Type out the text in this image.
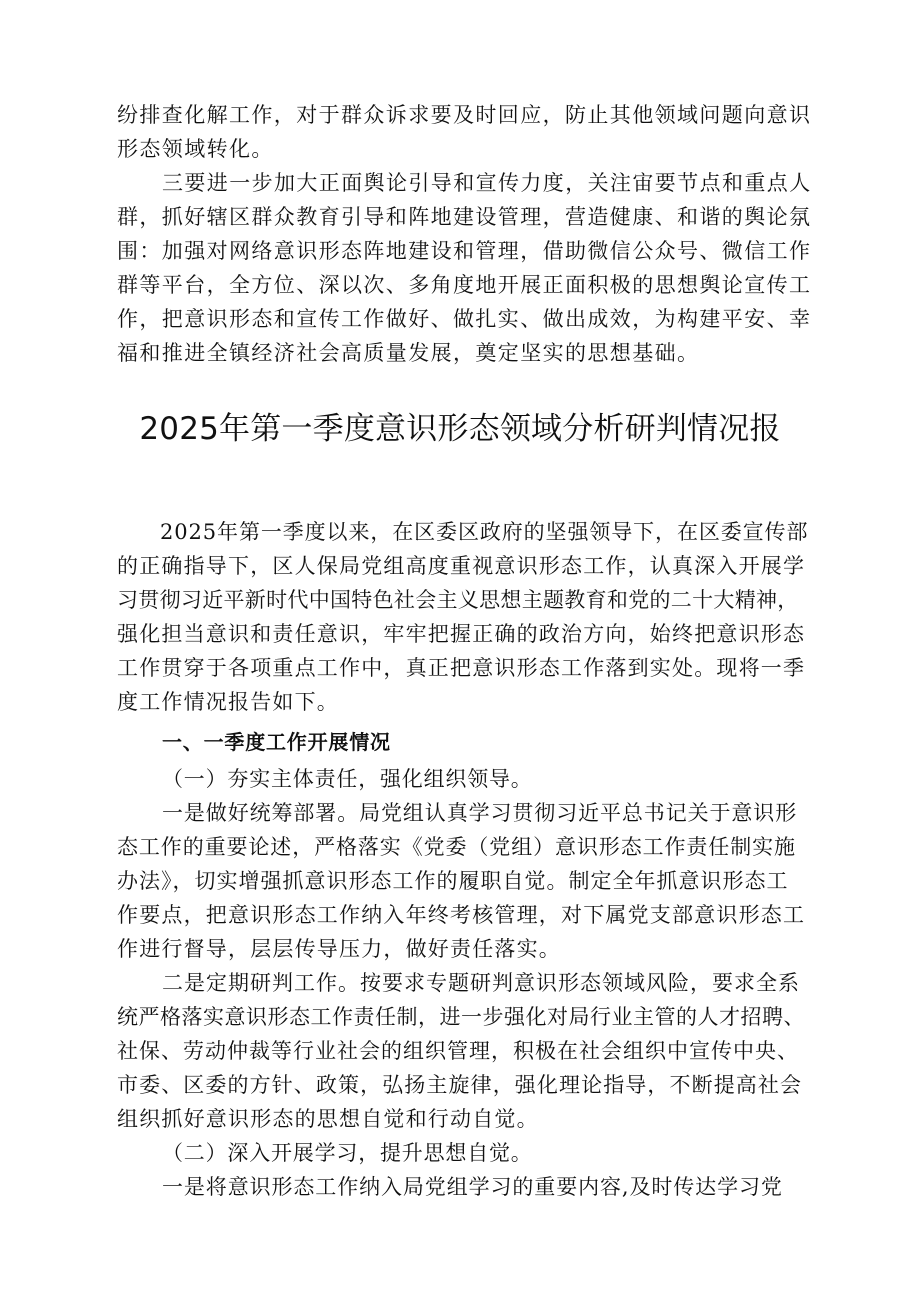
纷排查化解工作，对于群众诉求要及时回应，防止其他领域问题向意识
形态领域转化。
三要进一步加大正面舆论引导和宣传力度，关注宙要节点和重点人
群，抓好辖区群众教育引导和阵地建设管理，营造健康、和谐的舆论氛
围：加强对网络意识形态阵地建设和管理，借助微信公众号、微信工作
群等平台，全方位、深以次、多角度地开展正面积极的思想舆论宣传工
作，把意识形态和宣传工作做好、做扎实、做出成效，为构建平安、幸
福和推进全镇经济社会高质量发展，奠定坚实的思想基础。
2025年第一季度意识形态领域分析研判情况报
2025年第一季度以来，在区委区政府的坚强领导下，在区委宣传部
的正确指导下，区人保局党组高度重视意识形态工作，认真深入开展学
习贯彻习近平新时代中国特色社会主义思想主题教育和党的二十大精神，
强化担当意识和责任意识，牢牢把握正确的政治方向，始终把意识形态
工作贯穿于各项重点工作中，真正把意识形态工作落到实处。现将一季
度工作情况报告如下。
一、一季度工作开展情况
（一）夯实主体责任，强化组织领导。
一是做好统筹部署。局党组认真学习贯彻习近平总书记关于意识形
态工作的重要论述，严格落实《党委（党组）意识形态工作责任制实施
办法》，切实增强抓意识形态工作的履职自觉。制定全年抓意识形态工
作要点，把意识形态工作纳入年终考核管理，对下属党支部意识形态工
作进行督导，层层传导压力，做好责任落实。
二是定期研判工作。按要求专题研判意识形态领域风险，要求全系
统严格落实意识形态工作责任制，进一步强化对局行业主管的人才招聘、
社保、劳动仲裁等行业社会的组织管理，积极在社会组织中宣传中央、
市委、区委的方针、政策，弘扬主旋律，强化理论指导，不断提高社会
组织抓好意识形态的思想自觉和行动自觉。
（二）深入开展学习，提升思想自觉。
一是将意识形态工作纳入局党组学习的重要内容,及时传达学习党
